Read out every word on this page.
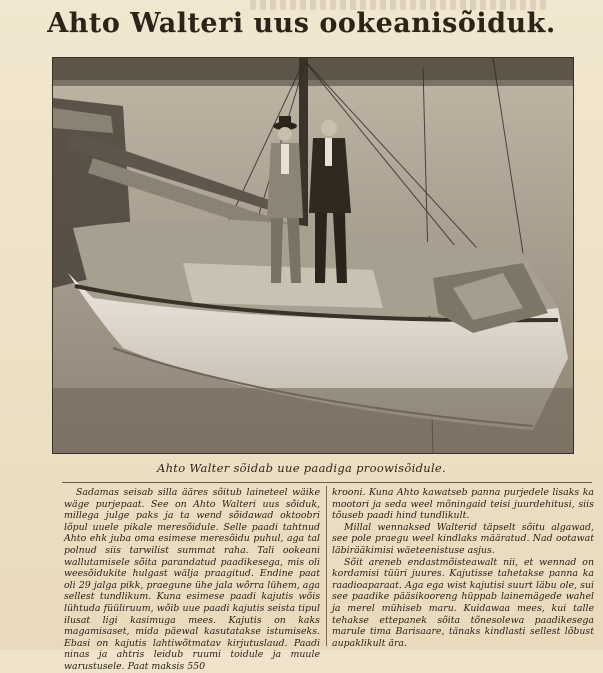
Ahto Walteri uus ookeanisõiduk.
Ahto Walter sõidab uue paadiga proowisõidule.

Sadamas seisab silla ääres sõitub laineteel wäike wäge purjepaat. See on Ahto Walteri uus sõiduk, millega julge paks ja ta wend sõidawad oktoobri lõpul uuele pikale meresõidule. Selle paadi tahtnud Ahto ehk juba oma esimese meresõidu puhul, aga tal polnud siis tarwilist summat raha. Tali ookeani wallutamisele sõita parandatud paadikesega, mis oli weesõidukite hulgast wälja praagitud. Endine paat oli 29 jalga pikk, praegune ühe jala wõrra lühem, aga sellest tundlikum. Kuna esimese paadi kajutis wõis lühtuda füüliruum, wõib uue paadi kajutis seista tipul ilusat ligi kasimuga mees. Kajutis on kaks magamisaset, mida päewal kasutatakse istumiseks. Ebasi on kajutis lahtiwõtmatav kirjutuslaud. Paadi ninas ja ahtris leidub ruumi toidule ja muule warustusele. Paat maksis 550

krooni. Kuna Ahto kawatseb panna purjedele lisaks ka mootori ja seda weel mõningaid teisi juurdehitusi, siis tõuseb paadi hind tundlikult.

Millal wennaksed Walterid täpselt sõitu algawad, see pole praegu weel kindlaks määratud. Nad ootawat läbirääkimisi wäeteenistuse asjus.

Sõit areneb endastmõisteawalt nii, et wennad on kordamisi tüüri juures. Kajutisse tahetakse panna ka raadioaparaat. Aga ega wist kajutisi suurt läbu ole, sui see paadike pääsikooreng hüppab lainemägede wahel ja merel mühiseb maru. Kuidawaa mees, kui talle tehakse ettepanek sõita tõnesolewa paadikesega marule tima Barisaare, tänaks kindlasti sellest lõbust aupaklikult ära.
